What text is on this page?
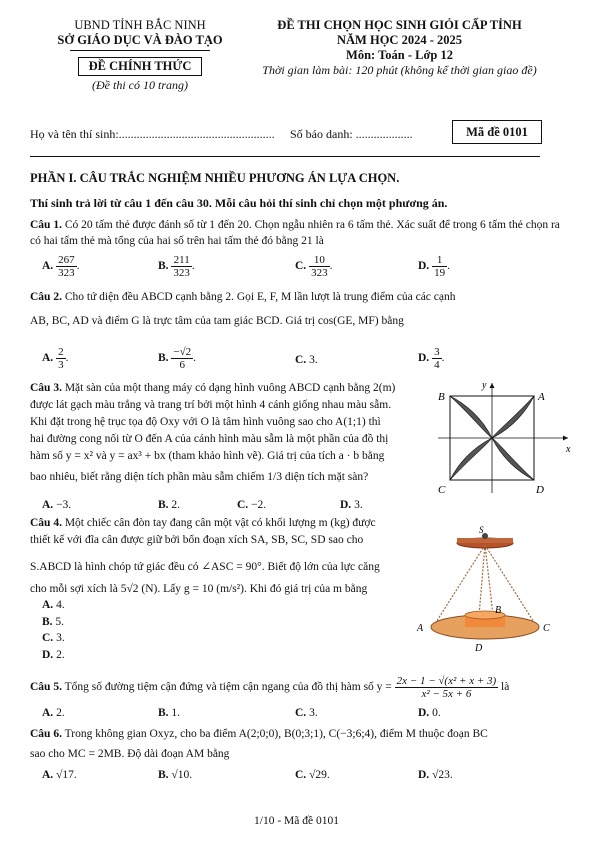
UBND TỈNH BẮC NINH
SỞ GIÁO DỤC VÀ ĐÀO TẠO
ĐỀ CHÍNH THỨC
(Đề thi có 10 trang)
ĐỀ THI CHỌN HỌC SINH GIỎI CẤP TỈNH
NĂM HỌC 2024 - 2025
Môn: Toán - Lớp 12
Thời gian làm bài: 120 phút (không kể thời gian giao đề)
Họ và tên thí sinh:.................................................... Số báo danh: ...................	Mã đề 0101
PHẦN I. CÂU TRẮC NGHIỆM NHIỀU PHƯƠNG ÁN LỰA CHỌN.
Thí sinh trả lời từ câu 1 đến câu 30. Mỗi câu hỏi thí sinh chỉ chọn một phương án.
Câu 1. Có 20 tấm thẻ được đánh số từ 1 đến 20. Chọn ngẫu nhiên ra 6 tấm thẻ. Xác suất để trong 6 tấm thẻ chọn ra có hai tấm thẻ mà tổng của hai số trên hai tấm thẻ đó bằng 21 là
A. $\frac{267}{323}$ .	B. $\frac{211}{323}$ .	C. $\frac{10}{323}$ .	D. $\frac{1}{19}$ .
Câu 2. Cho tứ diện đều ABCD cạnh bằng 2. Gọi E, F, M lần lượt là trung điểm của các cạnh
AB, BC, AD và điểm G là trực tâm của tam giác BCD. Giá trị cos(GE, MF) bằng
A. $\frac{2}{3}$ .	B. $\frac{-√2}{6}$ .	C. 3.	D. $\frac{3}{4}$ .
Câu 3. Mặt sàn của một thang máy có dạng hình vuông ABCD cạnh bằng 2(m)
được lát gạch màu trắng và trang trí bởi một hình 4 cánh giống nhau màu sẫm.
Khi đặt trong hệ trục tọa độ Oxy với O là tâm hình vuông sao cho A(1;1) thì
hai đường cong nối từ O đến A của cánh hình màu sẫm là một phần của đồ thị
hàm số y = x² và y = ax³ + bx (tham khảo hình vẽ). Giá trị của tích a · b bằng
bao nhiêu, biết rằng diện tích phần màu sẫm chiếm 1/3 diện tích mặt sàn?
A. −3.	B. 2.	C. −2.	D. 3.
A
B
C	D
x
y
Câu 4. Một chiếc cân đòn tay đang cân một vật có khối lượng m (kg) được
thiết kế với đĩa cân được giữ bởi bốn đoạn xích SA, SB, SC, SD sao cho
S.ABCD là hình chóp tứ giác đều có ∠ASC = 90°. Biết độ lớn của lực căng
cho mỗi sợi xích là 5√2 (N). Lấy g = 10 (m/s²). Khi đó giá trị của m bằng
A. 4.
B. 5.
C. 3.
D. 2.
S
A
B
C
D
Câu 5. Tổng số đường tiệm cận đứng và tiệm cận ngang của đồ thị hàm số $y = \frac{\text{2x − 1 − √(x² + x + 3)}}{\text{x² − 5x + 6}}$ là
A. 2.	B. 1.	C. 3.	D. 0.
Câu 6. Trong không gian Oxyz, cho ba điểm A(2;0;0), B(0;3;1), C(−3;6;4), điểm M thuộc đoạn BC
sao cho MC = 2MB. Độ dài đoạn AM bằng
A. √17.	B. √10.	C. √29.	D. √23.
1/10 - Mã đề 0101
